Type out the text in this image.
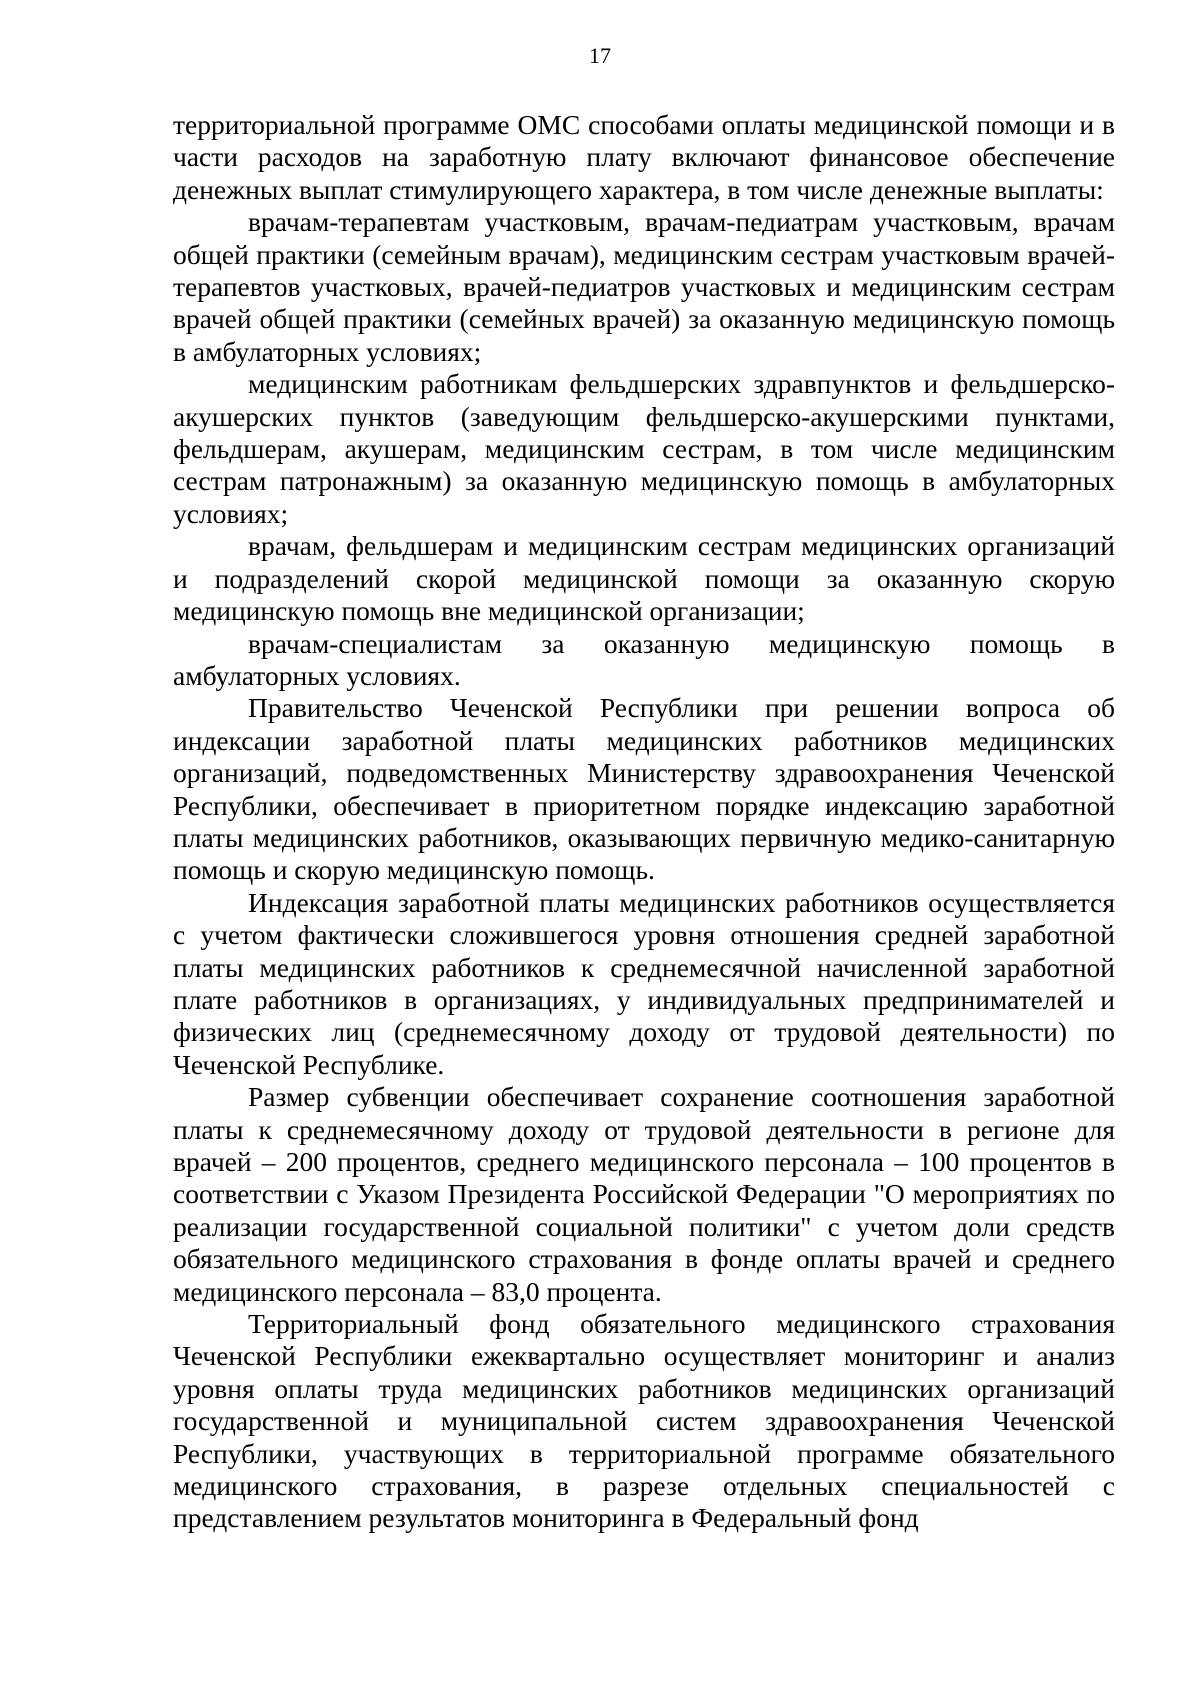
17

территориальной программе ОМС способами оплаты медицинской помощи и в части расходов на заработную плату включают финансовое обеспечение денежных выплат стимулирующего характера, в том числе денежные выплаты:

врачам-терапевтам участковым, врачам-педиатрам участковым, врачам общей практики (семейным врачам), медицинским сестрам участковым врачей-терапевтов участковых, врачей-педиатров участковых и медицинским сестрам врачей общей практики (семейных врачей) за оказанную медицинскую помощь в амбулаторных условиях;

медицинским работникам фельдшерских здравпунктов и фельдшерско-акушерских пунктов (заведующим фельдшерско-акушерскими пунктами, фельдшерам, акушерам, медицинским сестрам, в том числе медицинским сестрам патронажным) за оказанную медицинскую помощь в амбулаторных условиях;

врачам, фельдшерам и медицинским сестрам медицинских организаций и подразделений скорой медицинской помощи за оказанную скорую медицинскую помощь вне медицинской организации;

врачам-специалистам за оказанную медицинскую помощь в амбулаторных условиях.

Правительство Чеченской Республики при решении вопроса об индексации заработной платы медицинских работников медицинских организаций, подведомственных Министерству здравоохранения Чеченской Республики, обеспечивает в приоритетном порядке индексацию заработной платы медицинских работников, оказывающих первичную медико-санитарную помощь и скорую медицинскую помощь.

Индексация заработной платы медицинских работников осуществляется с учетом фактически сложившегося уровня отношения средней заработной платы медицинских работников к среднемесячной начисленной заработной плате работников в организациях, у индивидуальных предпринимателей и физических лиц (среднемесячному доходу от трудовой деятельности) по Чеченской Республике.

Размер субвенции обеспечивает сохранение соотношения заработной платы к среднемесячному доходу от трудовой деятельности в регионе для врачей – 200 процентов, среднего медицинского персонала – 100 процентов в соответствии с Указом Президента Российской Федерации "О мероприятиях по реализации государственной социальной политики" с учетом доли средств обязательного медицинского страхования в фонде оплаты врачей и среднего медицинского персонала – 83,0 процента.

Территориальный фонд обязательного медицинского страхования Чеченской Республики ежеквартально осуществляет мониторинг и анализ уровня оплаты труда медицинских работников медицинских организаций государственной и муниципальной систем здравоохранения Чеченской Республики, участвующих в территориальной программе обязательного медицинского страхования, в разрезе отдельных специальностей с представлением результатов мониторинга в Федеральный фонд
